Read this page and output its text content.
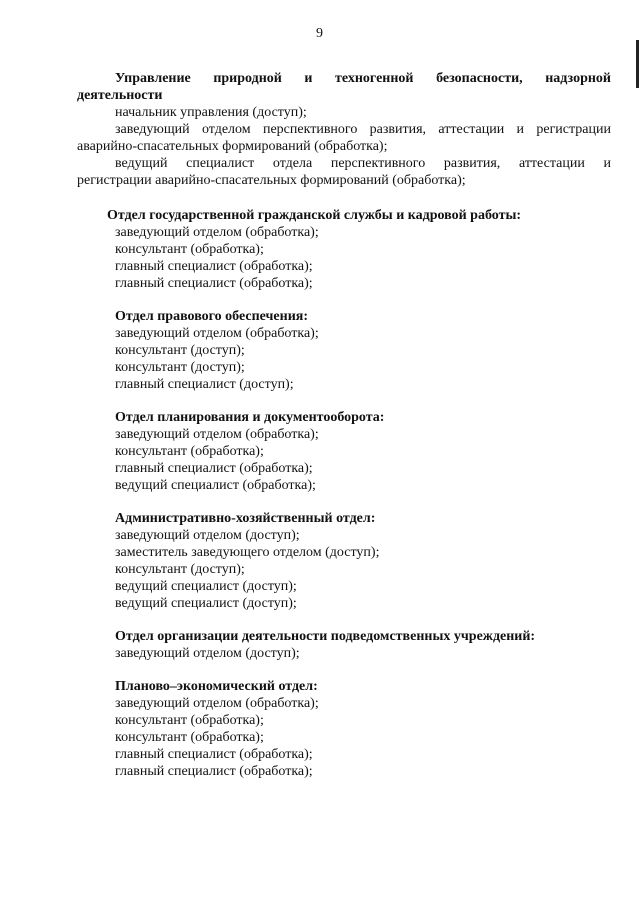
9
Управление природной и техногенной безопасности, надзорной
деятельности
начальник управления (доступ);
заведующий отделом перспективного развития, аттестации и регистрации
аварийно-спасательных формирований (обработка);
ведущий специалист отдела перспективного развития, аттестации и
регистрации аварийно-спасательных формирований (обработка);
Отдел государственной гражданской службы и кадровой работы:
заведующий отделом (обработка);
консультант (обработка);
главный специалист (обработка);
главный специалист (обработка);
Отдел правового обеспечения:
заведующий отделом (обработка);
консультант (доступ);
консультант (доступ);
главный специалист (доступ);
Отдел планирования и документооборота:
заведующий отделом (обработка);
консультант (обработка);
главный специалист (обработка);
ведущий специалист (обработка);
Административно-хозяйственный отдел:
заведующий отделом (доступ);
заместитель заведующего отделом (доступ);
консультант (доступ);
ведущий специалист (доступ);
ведущий специалист (доступ);
Отдел организации деятельности подведомственных учреждений:
заведующий отделом (доступ);
Планово–экономический отдел:
заведующий отделом (обработка);
консультант (обработка);
консультант (обработка);
главный специалист (обработка);
главный специалист (обработка);
